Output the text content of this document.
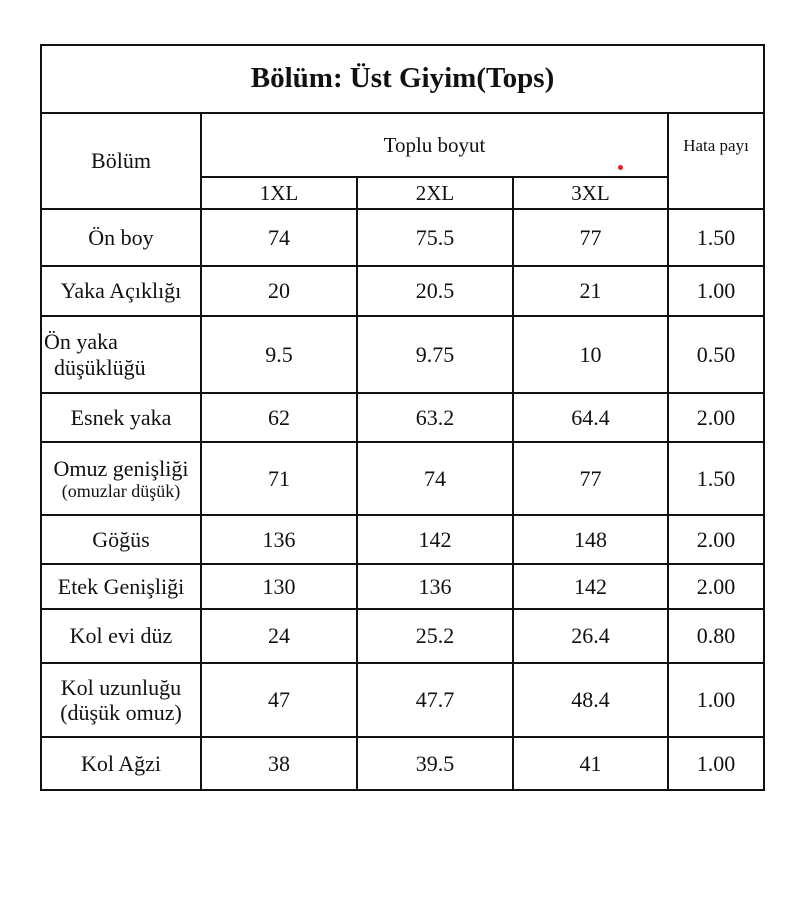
Bölüm: Üst Giyim(Tops)				
Bölüm	Toplu boyut			Hata payı
	1XL	2XL	3XL	
Ön boy	74	75.5	77	1.50
Yaka Açıklığı	20	20.5	21	1.00

Ön yaka
düşüklüğü	9.5	9.75	10	0.50
Esnek yaka	62	63.2	64.4	2.00

Omuz genişliği
(omuzlar düşük)	71	74	77	1.50
Göğüs	136	142	148	2.00
Etek Genişliği	130	136	142	2.00
Kol evi düz	24	25.2	26.4	0.80

Kol uzunluğu
(düşük omuz)	47	47.7	48.4	1.00
Kol Ağzi	38	39.5	41	1.00
